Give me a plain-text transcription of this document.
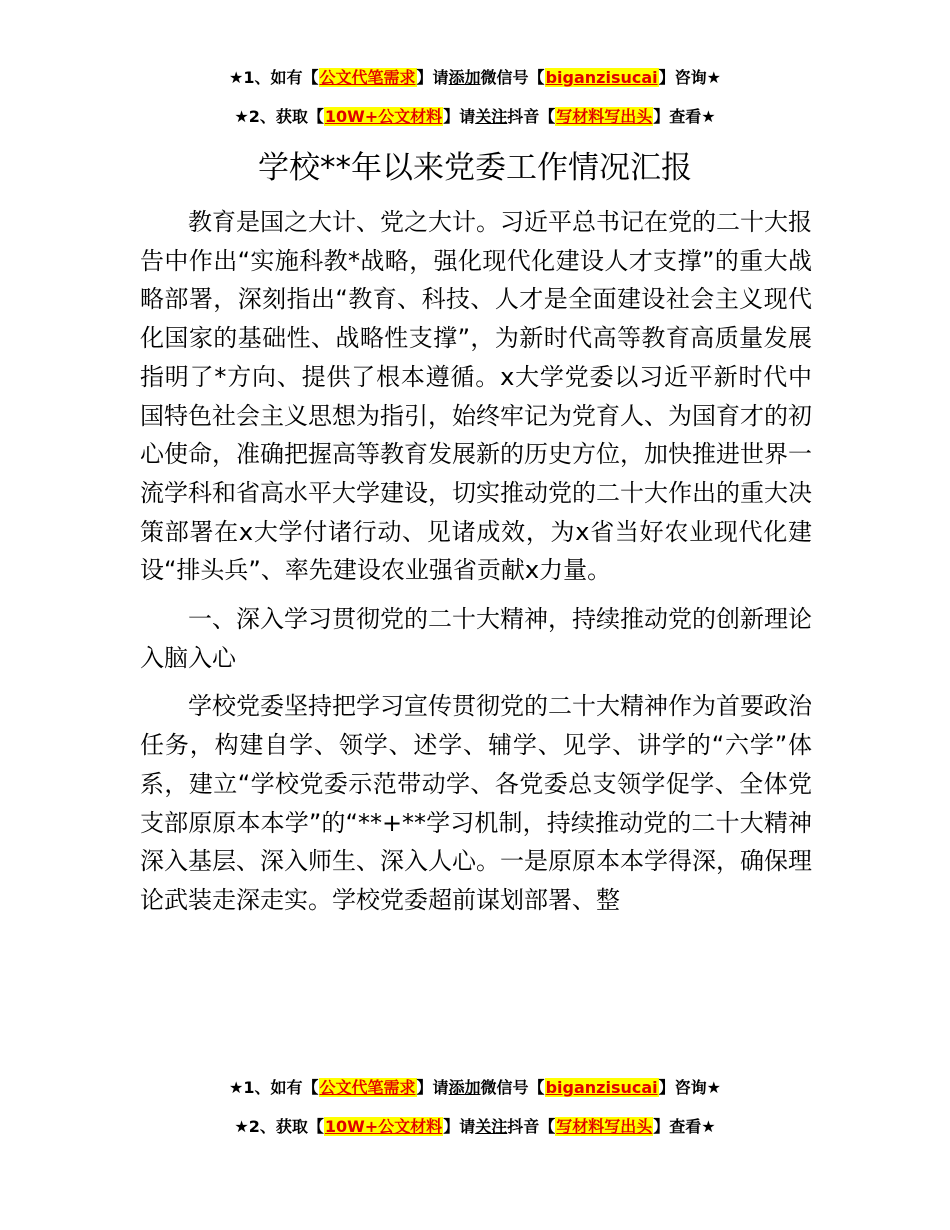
★1、如有【公文代笔需求】请添加微信号【biganzisucai】咨询★
★2、获取【10W+公文材料】请关注抖音【写材料写出头】查看★
学校**年以来党委工作情况汇报

教育是国之大计、党之大计。习近平总书记在党的二十大报告中作出“实施科教*战略，强化现代化建设人才支撑”的重大战略部署，深刻指出“教育、科技、人才是全面建设社会主义现代化国家的基础性、战略性支撑”，为新时代高等教育高质量发展指明了*方向、提供了根本遵循。x大学党委以习近平新时代中国特色社会主义思想为指引，始终牢记为党育人、为国育才的初心使命，准确把握高等教育发展新的历史方位，加快推进世界一流学科和省高水平大学建设，切实推动党的二十大作出的重大决策部署在x大学付诸行动、见诸成效，为x省当好农业现代化建设“排头兵”、率先建设农业强省贡献x力量。

一、深入学习贯彻党的二十大精神，持续推动党的创新理论入脑入心

学校党委坚持把学习宣传贯彻党的二十大精神作为首要政治任务，构建自学、领学、述学、辅学、见学、讲学的“六学”体系，建立“学校党委示范带动学、各党委总支领学促学、全体党支部原原本本学”的“**+**学习机制，持续推动党的二十大精神深入基层、深入师生、深入人心。一是原原本本学得深，确保理论武装走深走实。学校党委超前谋划部署、整

★1、如有【公文代笔需求】请添加微信号【biganzisucai】咨询★
★2、获取【10W+公文材料】请关注抖音【写材料写出头】查看★
